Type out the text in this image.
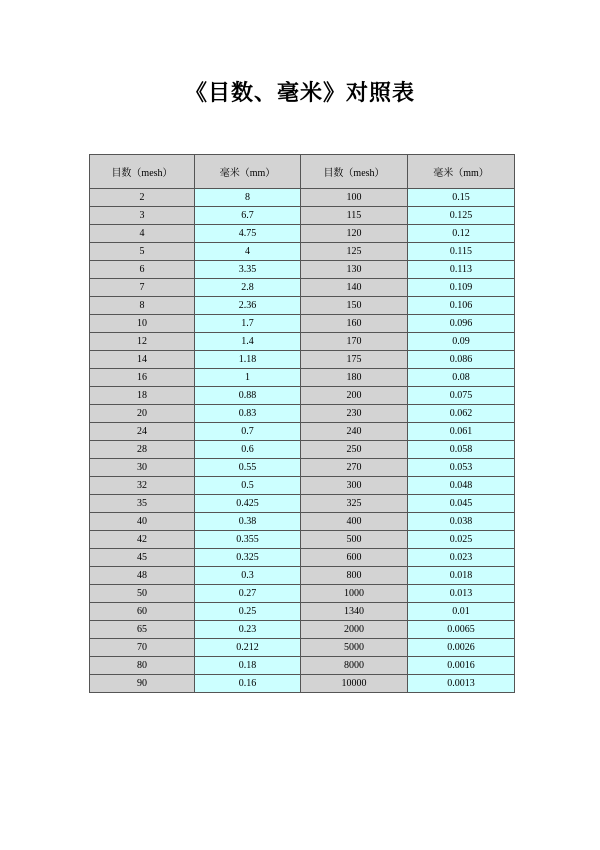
《目数、毫米》对照表
目数（mesh）	毫米（mm）	目数（mesh）	毫米（mm）
2	8	100	0.15
3	6.7	115	0.125
4	4.75	120	0.12
5	4	125	0.115
6	3.35	130	0.113
7	2.8	140	0.109
8	2.36	150	0.106
10	1.7	160	0.096
12	1.4	170	0.09
14	1.18	175	0.086
16	1	180	0.08
18	0.88	200	0.075
20	0.83	230	0.062
24	0.7	240	0.061
28	0.6	250	0.058
30	0.55	270	0.053
32	0.5	300	0.048
35	0.425	325	0.045
40	0.38	400	0.038
42	0.355	500	0.025
45	0.325	600	0.023
48	0.3	800	0.018
50	0.27	1000	0.013
60	0.25	1340	0.01
65	0.23	2000	0.0065
70	0.212	5000	0.0026
80	0.18	8000	0.0016
90	0.16	10000	0.0013
